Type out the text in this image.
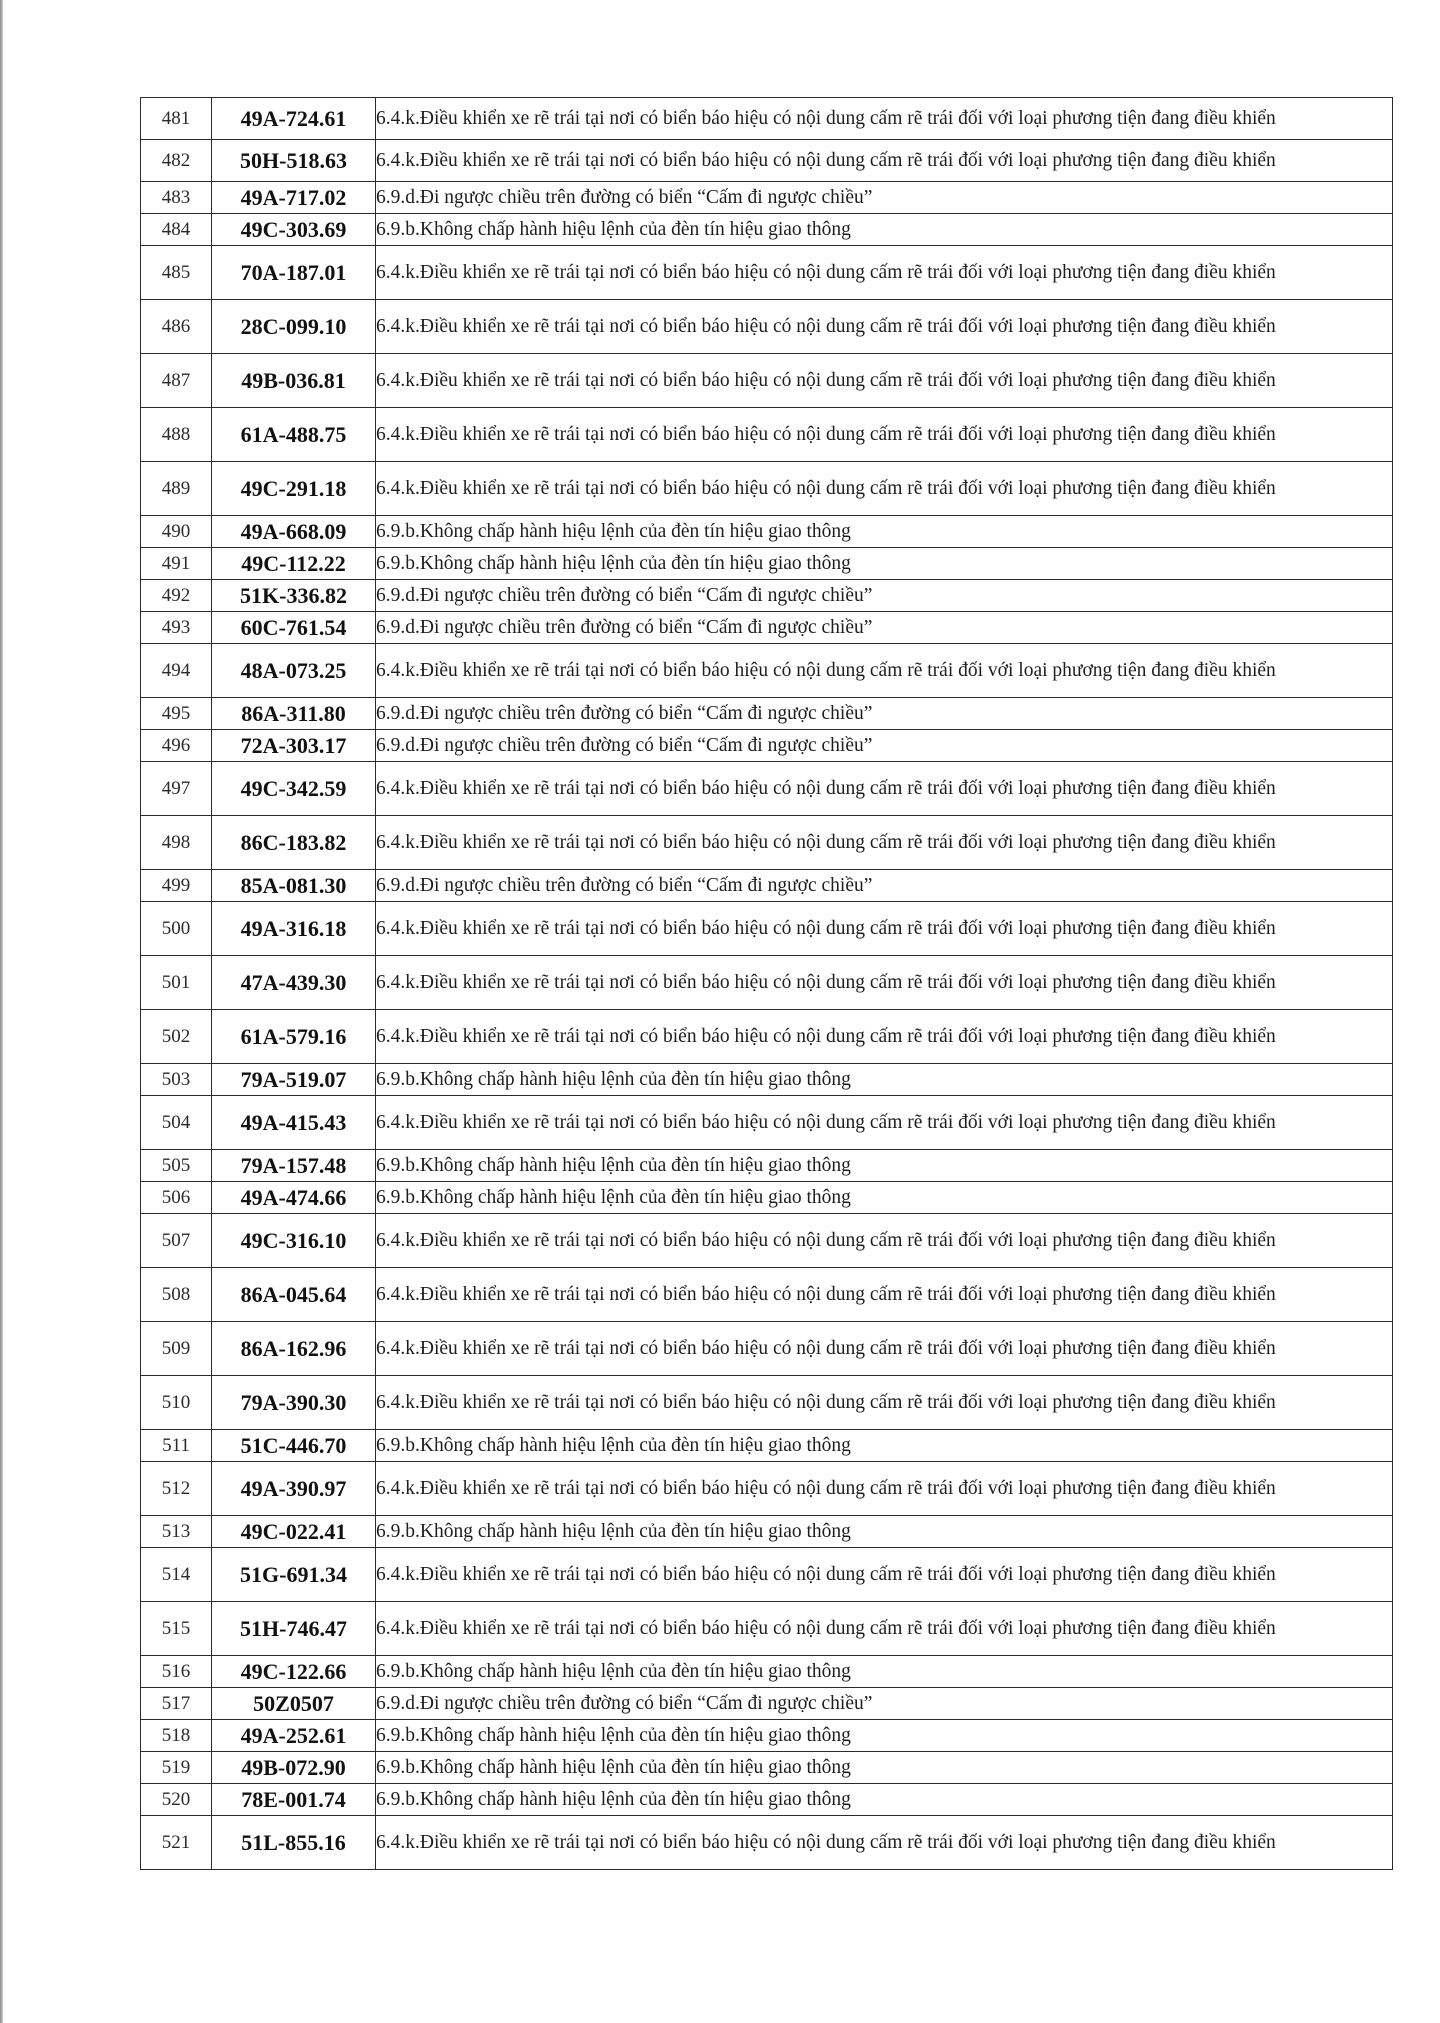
481	49A-724.61	6.4.k.Điều khiển xe rẽ trái tại nơi có biển báo hiệu có nội dung cấm rẽ trái đối với loại phương tiện đang điều khiển
482	50H-518.63	6.4.k.Điều khiển xe rẽ trái tại nơi có biển báo hiệu có nội dung cấm rẽ trái đối với loại phương tiện đang điều khiển
483	49A-717.02	6.9.d.Đi ngược chiều trên đường có biển “Cấm đi ngược chiều”
484	49C-303.69	6.9.b.Không chấp hành hiệu lệnh của đèn tín hiệu giao thông
485	70A-187.01	6.4.k.Điều khiển xe rẽ trái tại nơi có biển báo hiệu có nội dung cấm rẽ trái đối với loại phương tiện đang điều khiển
486	28C-099.10	6.4.k.Điều khiển xe rẽ trái tại nơi có biển báo hiệu có nội dung cấm rẽ trái đối với loại phương tiện đang điều khiển
487	49B-036.81	6.4.k.Điều khiển xe rẽ trái tại nơi có biển báo hiệu có nội dung cấm rẽ trái đối với loại phương tiện đang điều khiển
488	61A-488.75	6.4.k.Điều khiển xe rẽ trái tại nơi có biển báo hiệu có nội dung cấm rẽ trái đối với loại phương tiện đang điều khiển
489	49C-291.18	6.4.k.Điều khiển xe rẽ trái tại nơi có biển báo hiệu có nội dung cấm rẽ trái đối với loại phương tiện đang điều khiển
490	49A-668.09	6.9.b.Không chấp hành hiệu lệnh của đèn tín hiệu giao thông
491	49C-112.22	6.9.b.Không chấp hành hiệu lệnh của đèn tín hiệu giao thông
492	51K-336.82	6.9.d.Đi ngược chiều trên đường có biển “Cấm đi ngược chiều”
493	60C-761.54	6.9.d.Đi ngược chiều trên đường có biển “Cấm đi ngược chiều”
494	48A-073.25	6.4.k.Điều khiển xe rẽ trái tại nơi có biển báo hiệu có nội dung cấm rẽ trái đối với loại phương tiện đang điều khiển
495	86A-311.80	6.9.d.Đi ngược chiều trên đường có biển “Cấm đi ngược chiều”
496	72A-303.17	6.9.d.Đi ngược chiều trên đường có biển “Cấm đi ngược chiều”
497	49C-342.59	6.4.k.Điều khiển xe rẽ trái tại nơi có biển báo hiệu có nội dung cấm rẽ trái đối với loại phương tiện đang điều khiển
498	86C-183.82	6.4.k.Điều khiển xe rẽ trái tại nơi có biển báo hiệu có nội dung cấm rẽ trái đối với loại phương tiện đang điều khiển
499	85A-081.30	6.9.d.Đi ngược chiều trên đường có biển “Cấm đi ngược chiều”
500	49A-316.18	6.4.k.Điều khiển xe rẽ trái tại nơi có biển báo hiệu có nội dung cấm rẽ trái đối với loại phương tiện đang điều khiển
501	47A-439.30	6.4.k.Điều khiển xe rẽ trái tại nơi có biển báo hiệu có nội dung cấm rẽ trái đối với loại phương tiện đang điều khiển
502	61A-579.16	6.4.k.Điều khiển xe rẽ trái tại nơi có biển báo hiệu có nội dung cấm rẽ trái đối với loại phương tiện đang điều khiển
503	79A-519.07	6.9.b.Không chấp hành hiệu lệnh của đèn tín hiệu giao thông
504	49A-415.43	6.4.k.Điều khiển xe rẽ trái tại nơi có biển báo hiệu có nội dung cấm rẽ trái đối với loại phương tiện đang điều khiển
505	79A-157.48	6.9.b.Không chấp hành hiệu lệnh của đèn tín hiệu giao thông
506	49A-474.66	6.9.b.Không chấp hành hiệu lệnh của đèn tín hiệu giao thông
507	49C-316.10	6.4.k.Điều khiển xe rẽ trái tại nơi có biển báo hiệu có nội dung cấm rẽ trái đối với loại phương tiện đang điều khiển
508	86A-045.64	6.4.k.Điều khiển xe rẽ trái tại nơi có biển báo hiệu có nội dung cấm rẽ trái đối với loại phương tiện đang điều khiển
509	86A-162.96	6.4.k.Điều khiển xe rẽ trái tại nơi có biển báo hiệu có nội dung cấm rẽ trái đối với loại phương tiện đang điều khiển
510	79A-390.30	6.4.k.Điều khiển xe rẽ trái tại nơi có biển báo hiệu có nội dung cấm rẽ trái đối với loại phương tiện đang điều khiển
511	51C-446.70	6.9.b.Không chấp hành hiệu lệnh của đèn tín hiệu giao thông
512	49A-390.97	6.4.k.Điều khiển xe rẽ trái tại nơi có biển báo hiệu có nội dung cấm rẽ trái đối với loại phương tiện đang điều khiển
513	49C-022.41	6.9.b.Không chấp hành hiệu lệnh của đèn tín hiệu giao thông
514	51G-691.34	6.4.k.Điều khiển xe rẽ trái tại nơi có biển báo hiệu có nội dung cấm rẽ trái đối với loại phương tiện đang điều khiển
515	51H-746.47	6.4.k.Điều khiển xe rẽ trái tại nơi có biển báo hiệu có nội dung cấm rẽ trái đối với loại phương tiện đang điều khiển
516	49C-122.66	6.9.b.Không chấp hành hiệu lệnh của đèn tín hiệu giao thông
517	50Z0507	6.9.d.Đi ngược chiều trên đường có biển “Cấm đi ngược chiều”
518	49A-252.61	6.9.b.Không chấp hành hiệu lệnh của đèn tín hiệu giao thông
519	49B-072.90	6.9.b.Không chấp hành hiệu lệnh của đèn tín hiệu giao thông
520	78E-001.74	6.9.b.Không chấp hành hiệu lệnh của đèn tín hiệu giao thông
521	51L-855.16	6.4.k.Điều khiển xe rẽ trái tại nơi có biển báo hiệu có nội dung cấm rẽ trái đối với loại phương tiện đang điều khiển
